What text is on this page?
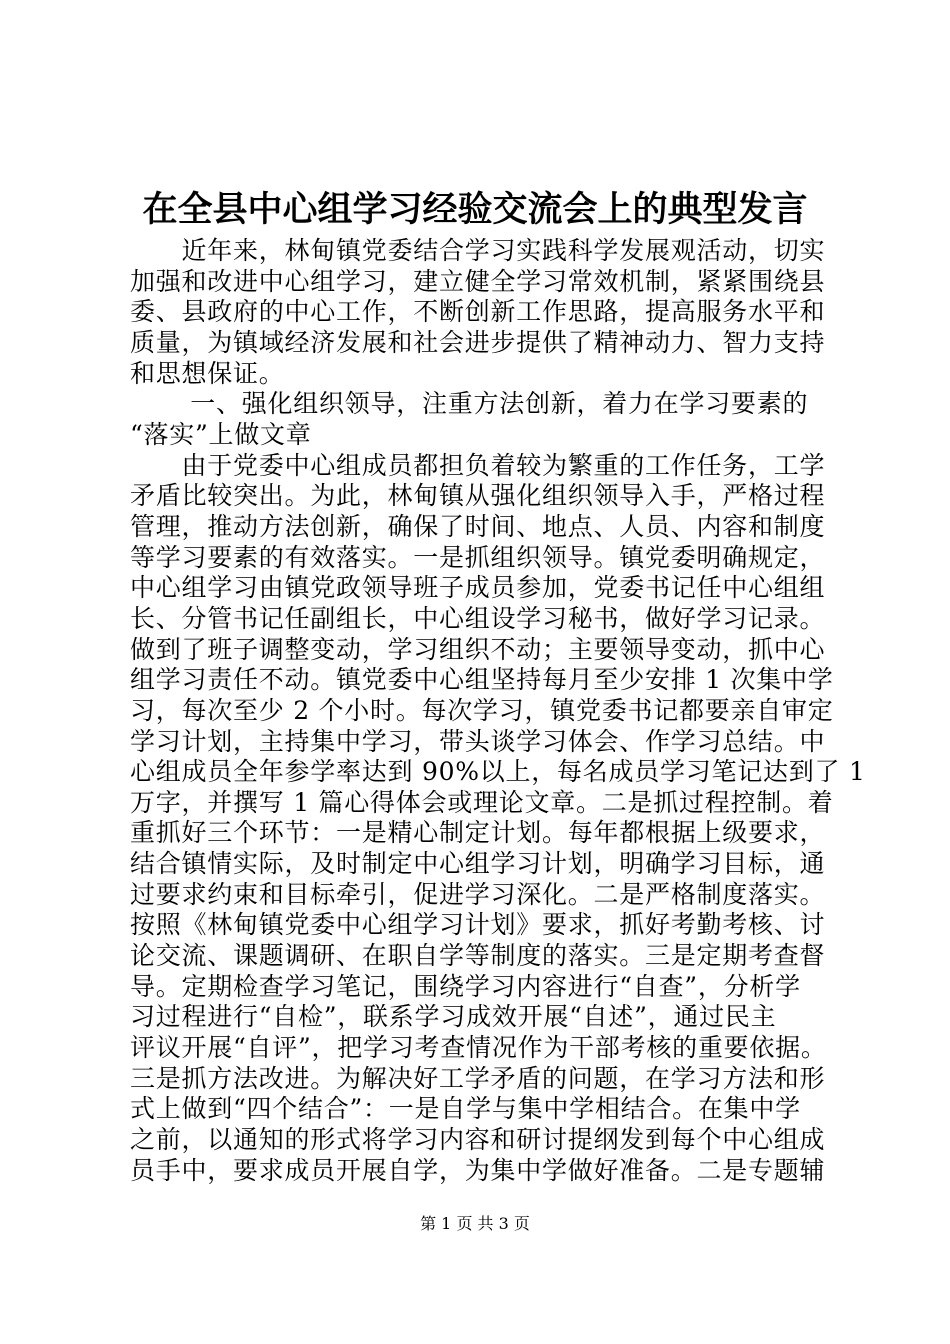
在全县中心组学习经验交流会上的典型发言
　　近年来，林甸镇党委结合学习实践科学发展观活动，切实
加强和改进中心组学习，建立健全学习常效机制，紧紧围绕县
委、县政府的中心工作，不断创新工作思路，提高服务水平和
质量，为镇域经济发展和社会进步提供了精神动力、智力支持
和思想保证。
　　 一、强化组织领导，注重方法创新，着力在学习要素的
“落实”上做文章
　　由于党委中心组成员都担负着较为繁重的工作任务，工学
矛盾比较突出。为此，林甸镇从强化组织领导入手，严格过程
管理，推动方法创新，确保了时间、地点、人员、内容和制度
等学习要素的有效落实。一是抓组织领导。镇党委明确规定，
中心组学习由镇党政领导班子成员参加，党委书记任中心组组
长、分管书记任副组长，中心组设学习秘书，做好学习记录。
做到了班子调整变动，学习组织不动；主要领导变动，抓中心
组学习责任不动。镇党委中心组坚持每月至少安排 1 次集中学
习，每次至少 2 个小时。每次学习，镇党委书记都要亲自审定
学习计划，主持集中学习，带头谈学习体会、作学习总结。中
心组成员全年参学率达到 90%以上，每名成员学习笔记达到了 1
万字，并撰写 1 篇心得体会或理论文章。二是抓过程控制。着
重抓好三个环节：一是精心制定计划。每年都根据上级要求，
结合镇情实际，及时制定中心组学习计划，明确学习目标，通
过要求约束和目标牵引，促进学习深化。二是严格制度落实。
按照《林甸镇党委中心组学习计划》要求，抓好考勤考核、讨
论交流、课题调研、在职自学等制度的落实。三是定期考查督
导。定期检查学习笔记，围绕学习内容进行“自查”，分析学
习过程进行“自检”，联系学习成效开展“自述”，通过民主
评议开展“自评”，把学习考查情况作为干部考核的重要依据。
三是抓方法改进。为解决好工学矛盾的问题，在学习方法和形
式上做到“四个结合”：一是自学与集中学相结合。在集中学
之前，以通知的形式将学习内容和研讨提纲发到每个中心组成
员手中，要求成员开展自学，为集中学做好准备。二是专题辅
第 1 页 共 3 页
